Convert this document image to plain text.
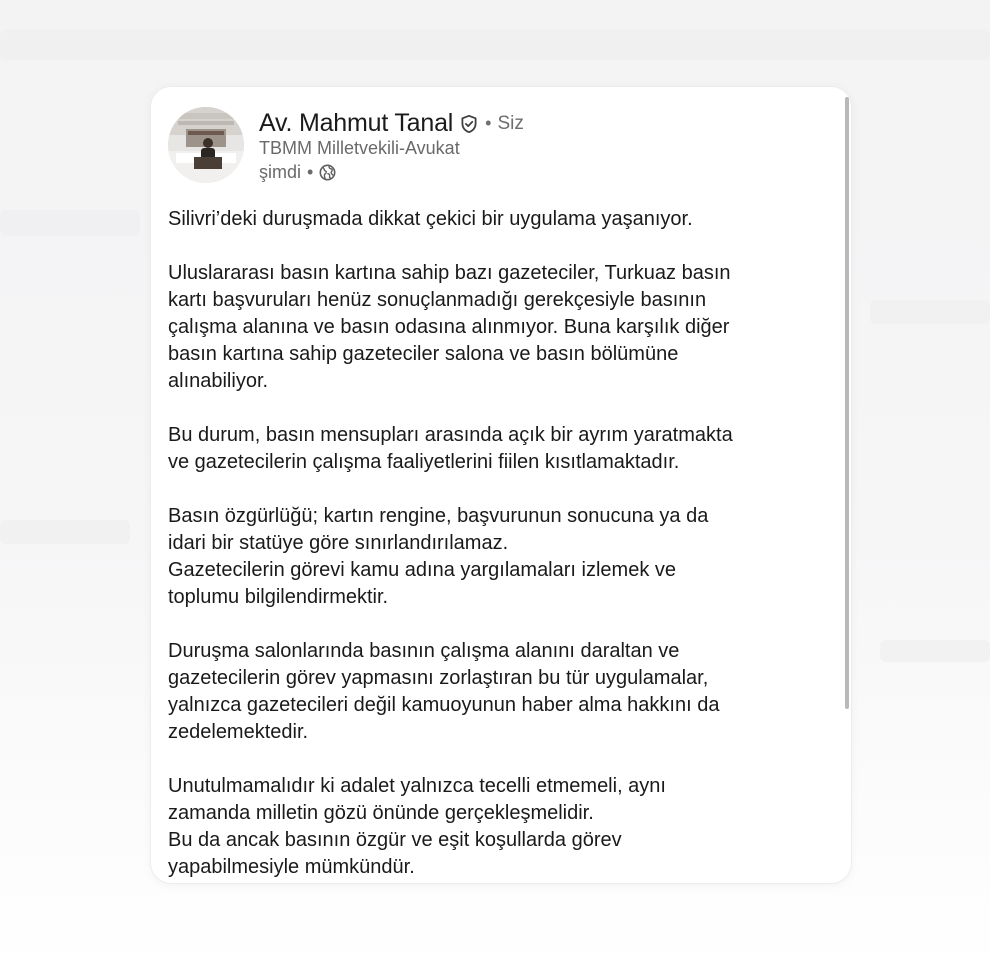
Av. Mahmut Tanal • Siz
TBMM Milletvekili-Avukat
şimdi •
Silivri’deki duruşmada dikkat çekici bir uygulama yaşanıyor.
Uluslararası basın kartına sahip bazı gazeteciler, Turkuaz basın
kartı başvuruları henüz sonuçlanmadığı gerekçesiyle basının
çalışma alanına ve basın odasına alınmıyor. Buna karşılık diğer
basın kartına sahip gazeteciler salona ve basın bölümüne
alınabiliyor.
Bu durum, basın mensupları arasında açık bir ayrım yaratmakta
ve gazetecilerin çalışma faaliyetlerini fiilen kısıtlamaktadır.
Basın özgürlüğü; kartın rengine, başvurunun sonucuna ya da
idari bir statüye göre sınırlandırılamaz.
Gazetecilerin görevi kamu adına yargılamaları izlemek ve
toplumu bilgilendirmektir.
Duruşma salonlarında basının çalışma alanını daraltan ve
gazetecilerin görev yapmasını zorlaştıran bu tür uygulamalar,
yalnızca gazetecileri değil kamuoyunun haber alma hakkını da
zedelemektedir.
Unutulmamalıdır ki adalet yalnızca tecelli etmemeli, aynı
zamanda milletin gözü önünde gerçekleşmelidir.
Bu da ancak basının özgür ve eşit koşullarda görev
yapabilmesiyle mümkündür.
